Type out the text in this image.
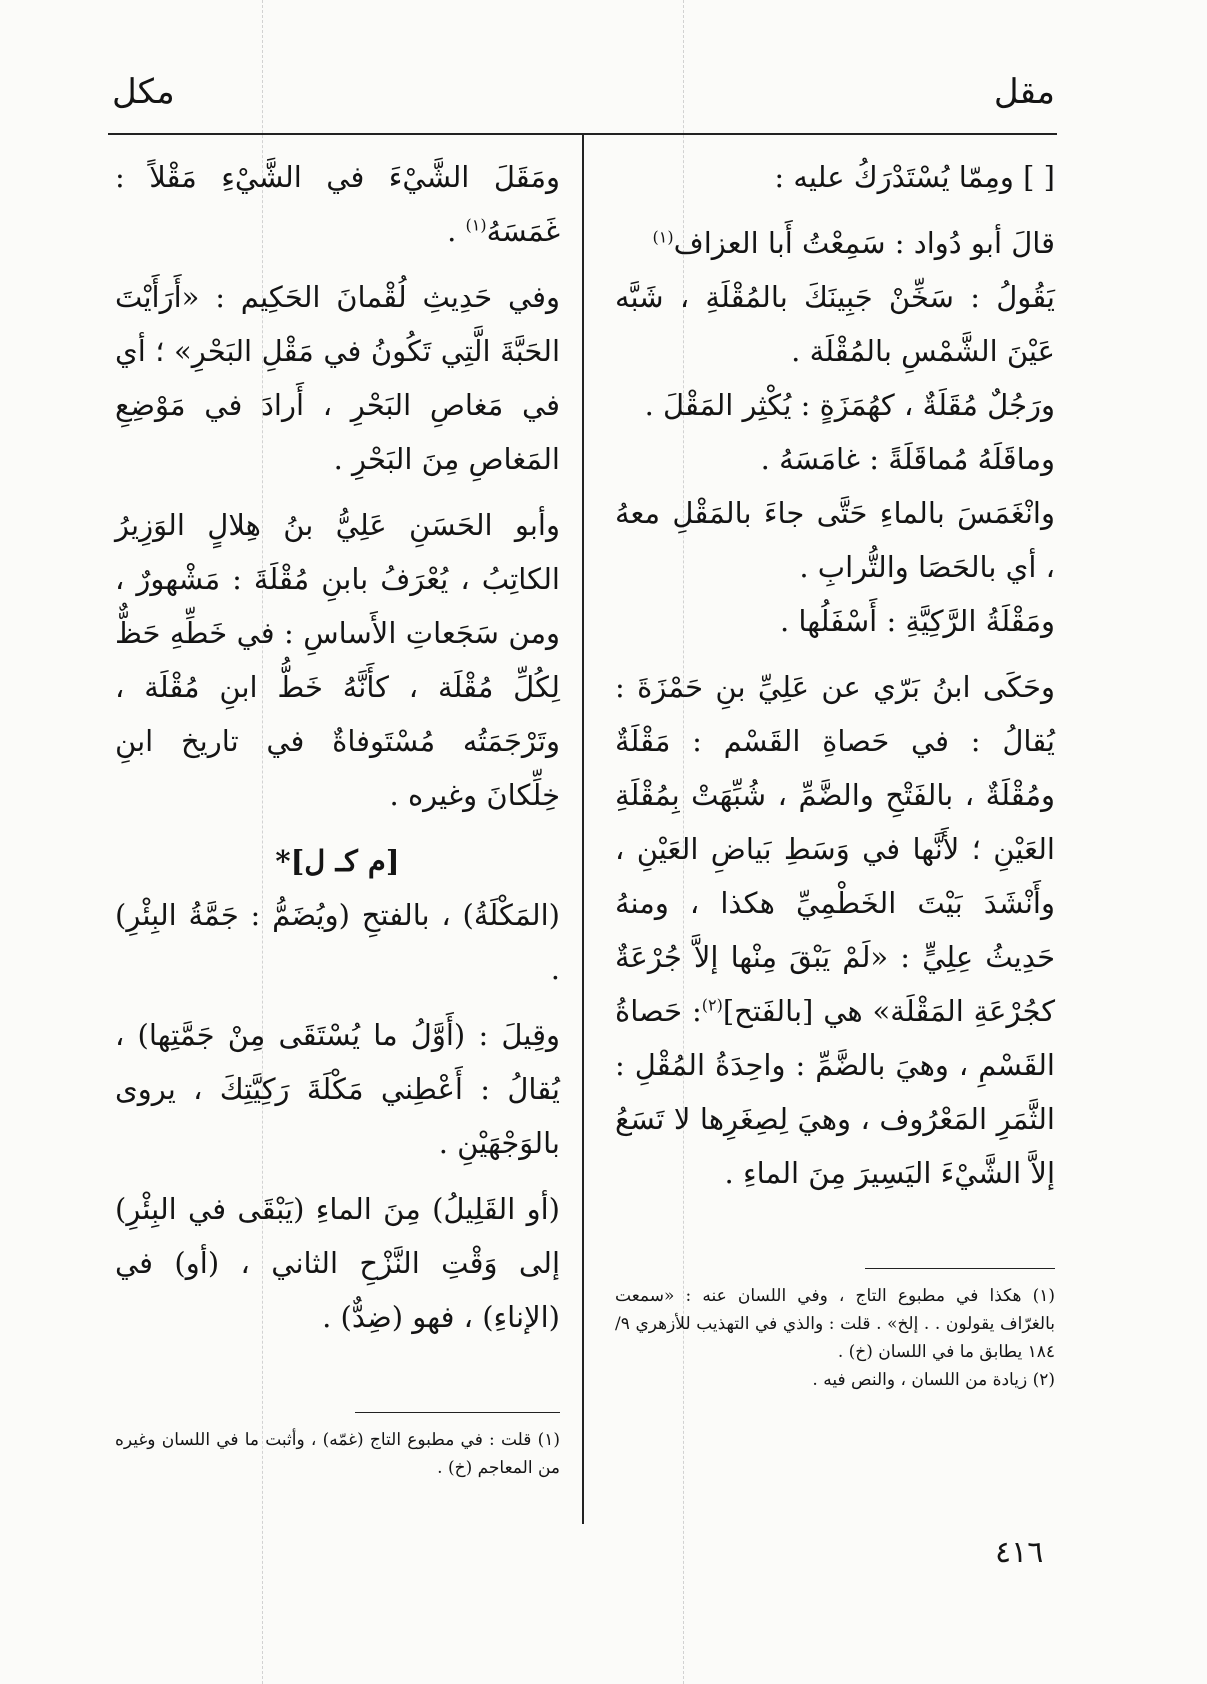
مقل
مكل

[ ] ومِمّا يُسْتَدْرَكُ عليه :

قالَ أبو دُواد : سَمِعْتُ أَبا العزاف$^{(١)}$

يَقُولُ : سَخِّنْ جَبِينَكَ بالمُقْلَةِ ، شَبَّه عَيْنَ الشَّمْسِ بالمُقْلَة .

ورَجُلٌ مُقَلَةٌ ، كهُمَزَةٍ : يُكْثِر المَقْلَ .

وماقَلَهُ مُماقَلَةً : غامَسَهُ .

وانْغَمَسَ بالماءِ حَتَّى جاءَ بالمَقْلِ معهُ ، أي بالحَصَا والتُّرابِ .

ومَقْلَةُ الرَّكِيَّةِ : أَسْفَلُها .

وحَكَى ابنُ بَرّي عن عَلِيِّ بنِ حَمْزَةَ : يُقالُ : في حَصاةِ القَسْم : مَقْلَةٌ ومُقْلَةٌ ، بالفَتْحِ والضَّمِّ ، شُبِّهَتْ بِمُقْلَةِ العَيْنِ ؛ لأَنَّها في وَسَطِ بَياضِ العَيْنِ ، وأَنْشَدَ بَيْتَ الخَطْمِيِّ هكذا ، ومنهُ حَدِيثُ عِلِيٍّ : «لَمْ يَبْقَ مِنْها إلاَّ جُرْعَةٌ كجُرْعَةِ المَقْلَة» هي [بالفَتح]$^{(٢)}$: حَصاةُ القَسْمِ ، وهيَ بالضَّمِّ : واحِدَةُ المُقْلِ : الثَّمَرِ المَعْرُوف ، وهيَ لِصِغَرِها لا تَسَعُ إلاَّ الشَّيْءَ اليَسِيرَ مِنَ الماءِ .

ومَقَلَ الشَّيْءَ في الشَّيْءِ مَقْلاً : غَمَسَهُ$^{(١)}$ .

وفي حَدِيثِ لُقْمانَ الحَكِيم : «أَرَأَيْتَ الحَبَّةَ الَّتِي تَكُونُ في مَقْلِ البَحْرِ» ؛ أي في مَغاصِ البَحْرِ ، أَرادَ في مَوْضِعِ المَغاصِ مِنَ البَحْرِ .

وأبو الحَسَنِ عَلِيُّ بنُ هِلالٍ الوَزِيرُ الكاتِبُ ، يُعْرَفُ بابنِ مُقْلَةَ : مَشْهورٌ ، ومن سَجَعاتِ الأَساسِ : في خَطِّهِ حَظٌّ لِكُلِّ مُقْلَة ، كأَنَّهُ خَطُّ ابنِ مُقْلَة ، وتَرْجَمَتُه مُسْتَوفاةٌ في تاريخ ابنِ خِلِّكانَ وغيره .

[م كـ ل]*

(المَكْلَةُ) ، بالفتحِ (ويُضَمُّ : جَمَّةُ البِئْرِ) .

وقِيلَ : (أَوَّلُ ما يُسْتَقَى مِنْ جَمَّتِها) ، يُقالُ : أَعْطِني مَكْلَةَ رَكِيَّتِكَ ، يروى بالوَجْهَيْنِ .

(أو القَلِيلُ) مِنَ الماءِ (يَبْقَى في البِئْرِ) إلى وَقْتِ النَّزْحِ الثاني ، (أو) في (الإناءِ) ، فهو (ضِدٌّ) .

(١) هكذا في مطبوع التاج ، وفي اللسان عنه : «سمعت بالغرّاف يقولون . . إلخ» . قلت : والذي في التهذيب للأزهري ٩/ ١٨٤ يطابق ما في اللسان (خ) .

(٢) زيادة من اللسان ، والنص فيه .

(١) قلت : في مطبوع التاج (غمّه) ، وأثبت ما في اللسان وغيره من المعاجم (خ) .

٤١٦
